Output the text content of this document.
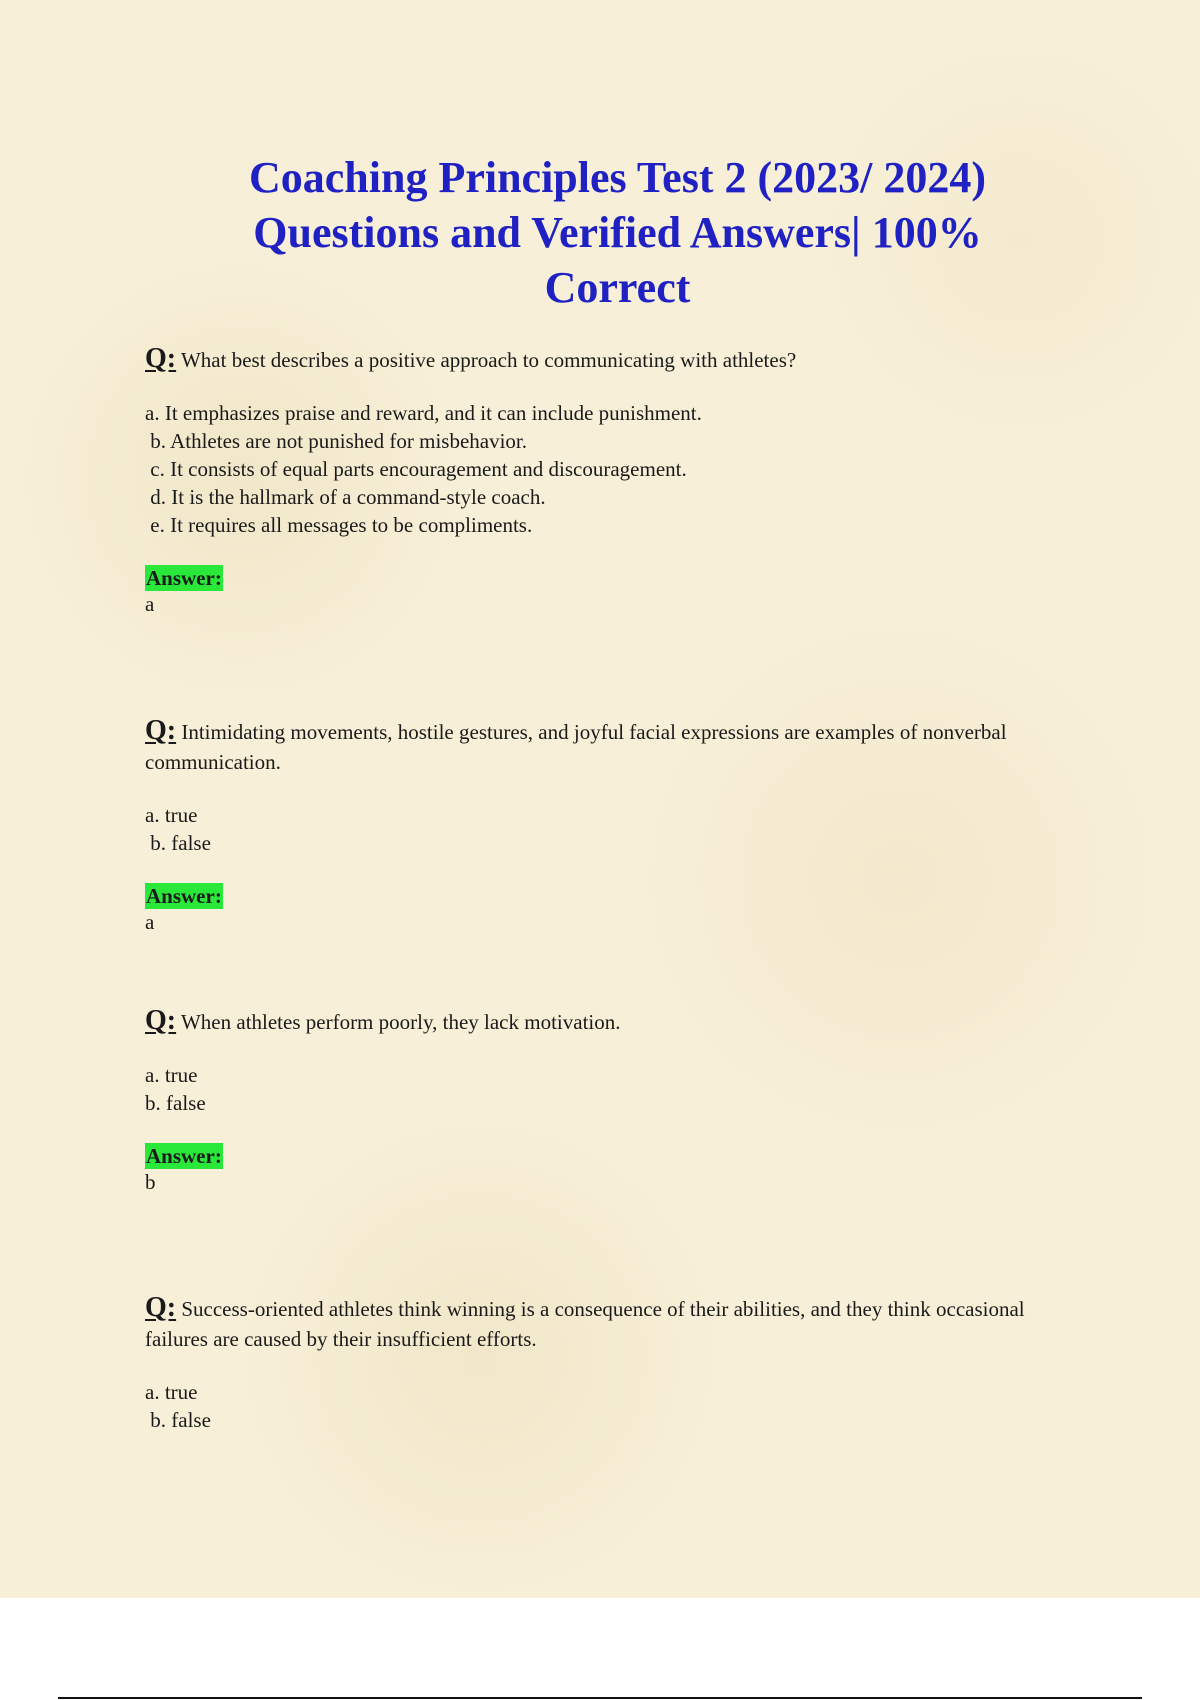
Coaching Principles Test 2 (2023/ 2024)
Questions and Verified Answers| 100%
Correct

Q: What best describes a positive approach to communicating with athletes?

a. It emphasizes praise and reward, and it can include punishment.
b. Athletes are not punished for misbehavior.
c. It consists of equal parts encouragement and discouragement.
d. It is the hallmark of a command-style coach.
e. It requires all messages to be compliments.
Answer:
a

Q: Intimidating movements, hostile gestures, and joyful facial expressions are examples of nonverbal communication.

a. true
b. false
Answer:
a

Q: When athletes perform poorly, they lack motivation.

a. true
b. false
Answer:
b

Q: Success-oriented athletes think winning is a consequence of their abilities, and they think occasional failures are caused by their insufficient efforts.

a. true
b. false
